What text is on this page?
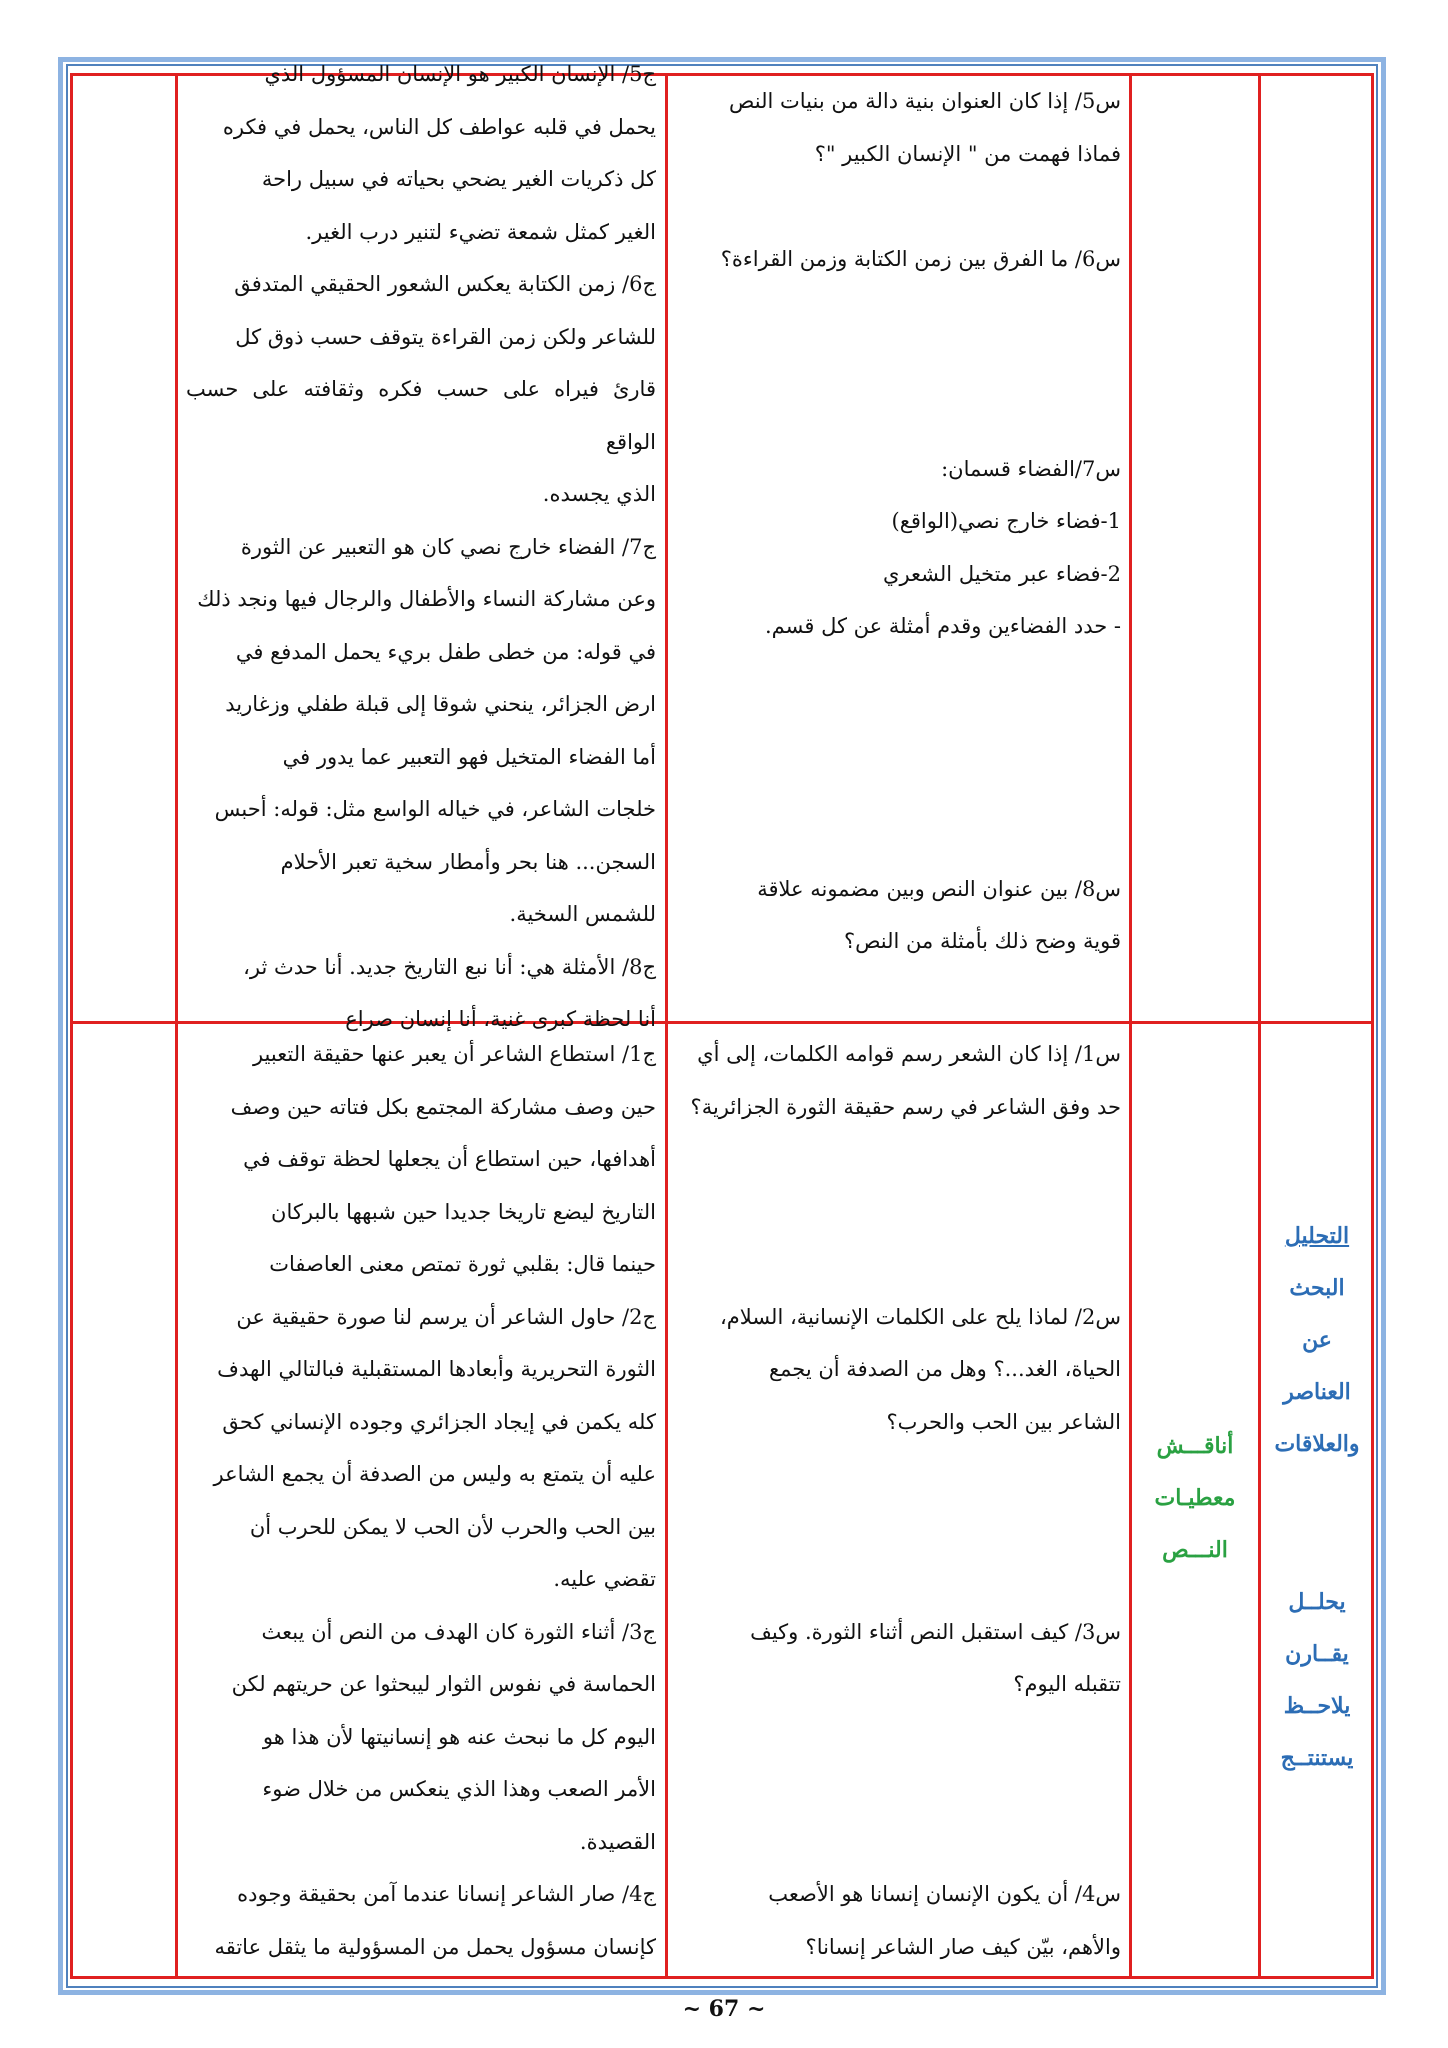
س5/ إذا كان العنوان بنية دالة من بنيات النص

فماذا فهمت من " الإنسان الكبير "؟

س6/ ما الفرق بين زمن الكتابة وزمن القراءة؟

س7/الفضاء قسمان:

1-فضاء خارج نصي(الواقع)

2-فضاء عبر متخيل الشعري

- حدد الفضاءين وقدم أمثلة عن كل قسم.

س8/ بين عنوان النص وبين مضمونه علاقة

قوية وضح ذلك بأمثلة من النص؟

ج5/ الإنسان الكبير هو الإنسان المسؤول الذي

يحمل في قلبه عواطف كل الناس، يحمل في فكره

كل ذكريات الغير يضحي بحياته في سبيل راحة

الغير كمثل شمعة تضيء لتنير درب الغير.

ج6/ زمن الكتابة يعكس الشعور الحقيقي المتدفق

للشاعر ولكن زمن القراءة يتوقف حسب ذوق كل

قارئ فيراه على حسب فكره وثقافته على حسب الواقع

الذي يجسده.

ج7/ الفضاء خارج نصي كان هو التعبير عن الثورة

وعن مشاركة النساء والأطفال والرجال فيها ونجد ذلك

في قوله: من خطى طفل بريء يحمل المدفع في

ارض الجزائر، ينحني شوقا إلى قبلة طفلي وزغاريد

أما الفضاء المتخيل فهو التعبير عما يدور في

خلجات الشاعر، في خياله الواسع مثل: قوله: أحبس

السجن... هنا بحر وأمطار سخية تعبر الأحلام

للشمس السخية.

ج8/ الأمثلة هي: أنا نبع التاريخ جديد. أنا حدث ثر،

أنا لحظة كبرى غنية، أنا إنسان صراع

س1/ إذا كان الشعر رسم قوامه الكلمات، إلى أي

حد وفق الشاعر في رسم حقيقة الثورة الجزائرية؟

س2/ لماذا يلح على الكلمات الإنسانية، السلام،

الحياة، الغد...؟ وهل من الصدفة أن يجمع

الشاعر بين الحب والحرب؟

س3/ كيف استقبل النص أثناء الثورة. وكيف

تتقبله اليوم؟

س4/ أن يكون الإنسان إنسانا هو الأصعب

والأهم، بيّن كيف صار الشاعر إنسانا؟

ج1/ استطاع الشاعر أن يعبر عنها حقيقة التعبير

حين وصف مشاركة المجتمع بكل فتاته حين وصف

أهدافها، حين استطاع أن يجعلها لحظة توقف في

التاريخ ليضع تاريخا جديدا حين شبهها بالبركان

حينما قال: بقلبي ثورة تمتص معنى العاصفات

ج2/ حاول الشاعر أن يرسم لنا صورة حقيقية عن

الثورة التحريرية وأبعادها المستقبلية فبالتالي الهدف

كله يكمن في إيجاد الجزائري وجوده الإنساني كحق

عليه أن يتمتع به وليس من الصدفة أن يجمع الشاعر

بين الحب والحرب لأن الحب لا يمكن للحرب أن

تقضي عليه.

ج3/ أثناء الثورة كان الهدف من النص أن يبعث

الحماسة في نفوس الثوار ليبحثوا عن حريتهم لكن

اليوم كل ما نبحث عنه هو إنسانيتها لأن هذا هو

الأمر الصعب وهذا الذي ينعكس من خلال ضوء

القصيدة.

ج4/ صار الشاعر إنسانا عندما آمن بحقيقة وجوده

كإنسان مسؤول يحمل من المسؤولية ما يثقل عاتقه

أناقـــش

معطيـات

النـــص

التحليل

البحث

عن

العناصر

والعلاقات

يحلــل

يقــارن

يلاحــظ

يستنتــج

~ 67 ~
